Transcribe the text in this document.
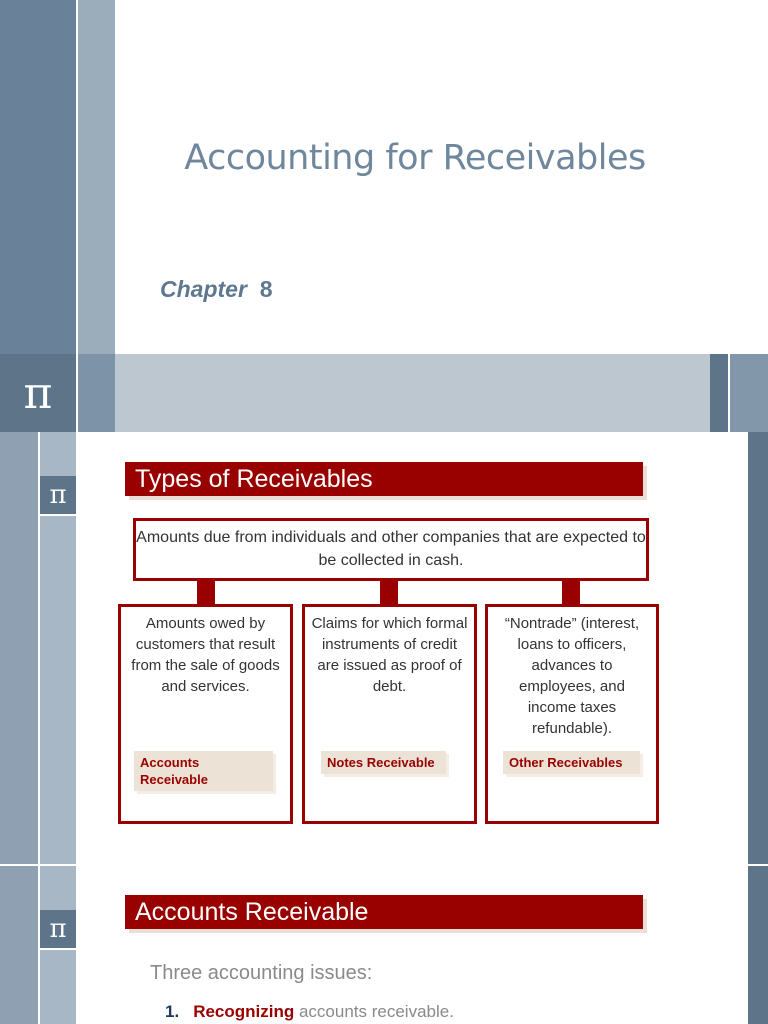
Accounting for Receivables
Chapter 8
π
π
Types of Receivables
Amounts due from individuals and other companies that are expected to be collected in cash.
Amounts owed by customers that result from the sale of goods and services.
Accounts Receivable
Claims for which formal instruments of credit are issued as proof of debt.
Notes Receivable
“Nontrade” (interest, loans to officers, advances to employees, and income taxes refundable).
Other Receivables
π
Accounts Receivable
Three accounting issues:
1. Recognizing accounts receivable.
